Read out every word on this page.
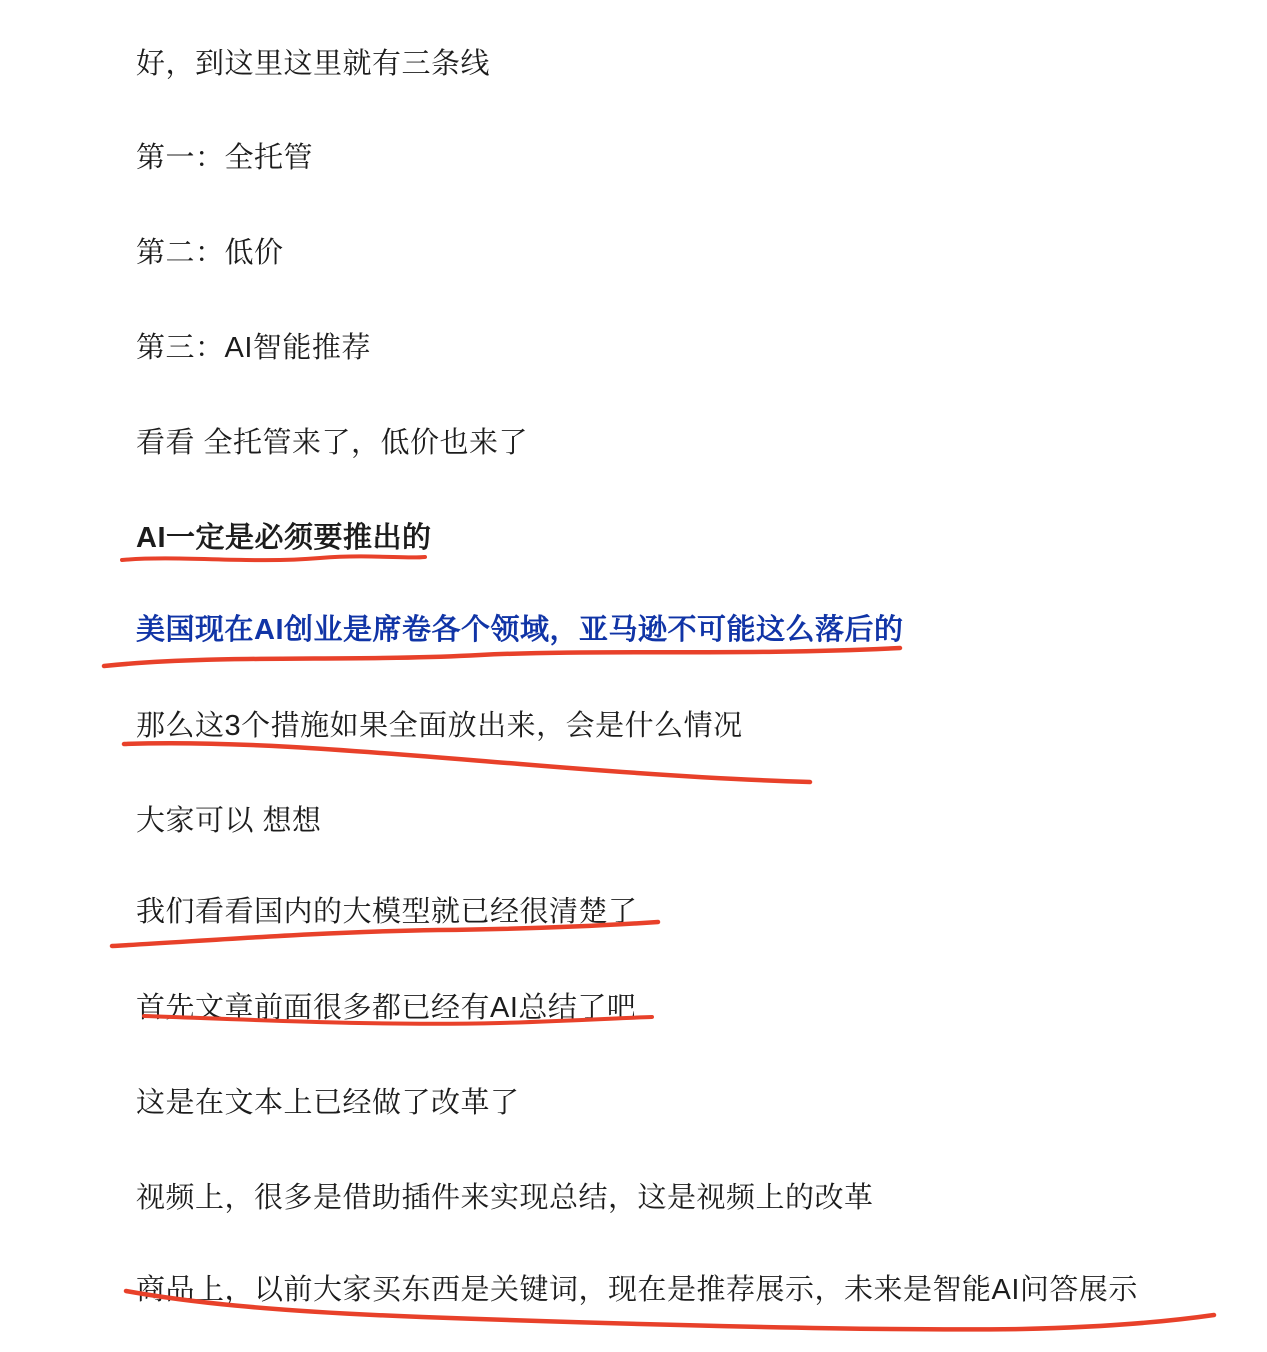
好，到这里这里就有三条线
第一：全托管
第二：低价
第三：AI智能推荐
看看 全托管来了，低价也来了
AI一定是必须要推出的
美国现在AI创业是席卷各个领域，亚马逊不可能这么落后的
那么这3个措施如果全面放出来，会是什么情况
大家可以 想想
我们看看国内的大模型就已经很清楚了
首先文章前面很多都已经有AI总结了吧
这是在文本上已经做了改革了
视频上，很多是借助插件来实现总结，这是视频上的改革
商品上，以前大家买东西是关键词，现在是推荐展示，未来是智能AI问答展示
